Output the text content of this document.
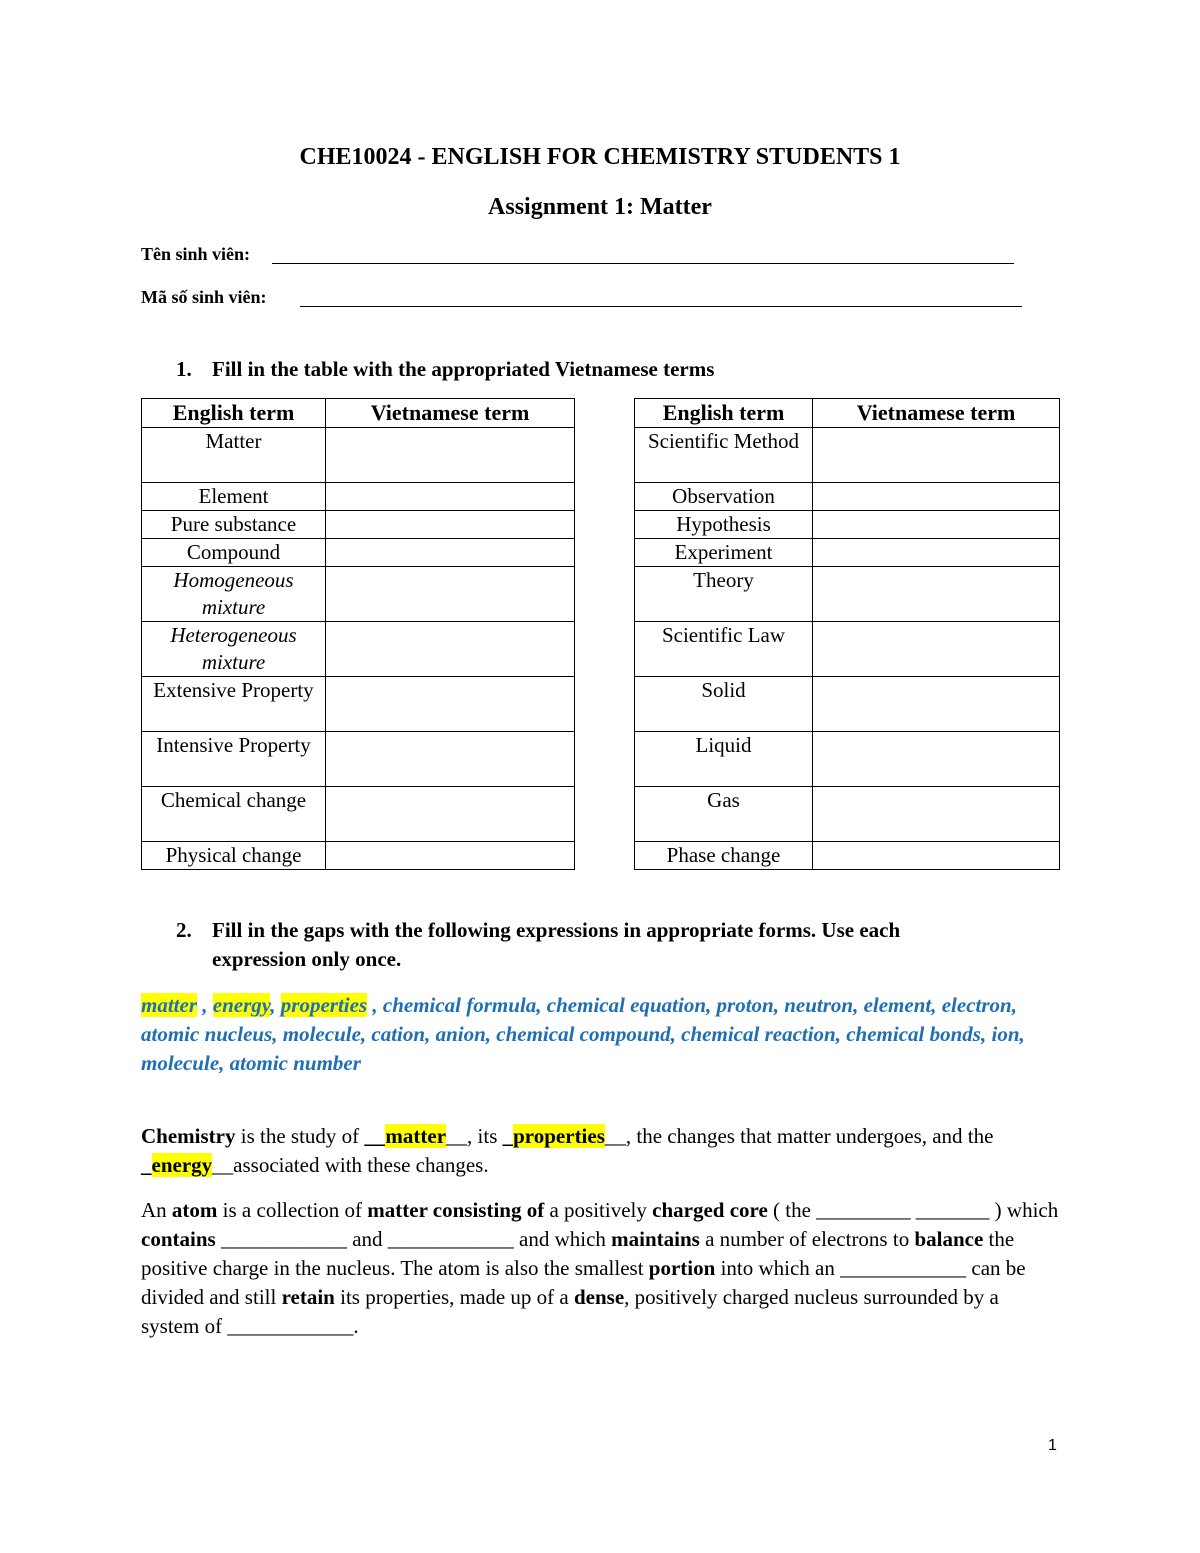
CHE10024 - ENGLISH FOR CHEMISTRY STUDENTS 1
Assignment 1: Matter
Tên sinh viên:
Mã số sinh viên:
1. Fill in the table with the appropriated Vietnamese terms
English term	Vietnamese term
Matter	
Element	
Pure substance	
Compound	
Homogeneous mixture	
Heterogeneous mixture	
Extensive Property	
Intensive Property	
Chemical change	
Physical change	
English term	Vietnamese term
Scientific Method	
Observation	
Hypothesis	
Experiment	
Theory	
Scientific Law	
Solid	
Liquid	
Gas	
Phase change	
2. Fill in the gaps with the following expressions in appropriate forms. Use each
expression only once.
matter , energy, properties , chemical formula, chemical equation, proton, neutron, element, electron, atomic nucleus, molecule, cation, anion, chemical compound, chemical reaction, chemical bonds, ion, molecule, atomic number
Chemistry is the study of __matter__, its _properties__, the changes that matter undergoes, and the _energy__associated with these changes.
An atom is a collection of matter consisting of a positively charged core ( the _________ _______ ) which contains ____________ and ____________ and which maintains a number of electrons to balance the positive charge in the nucleus. The atom is also the smallest portion into which an ____________ can be divided and still retain its properties, made up of a dense, positively charged nucleus surrounded by a system of ____________.
1
